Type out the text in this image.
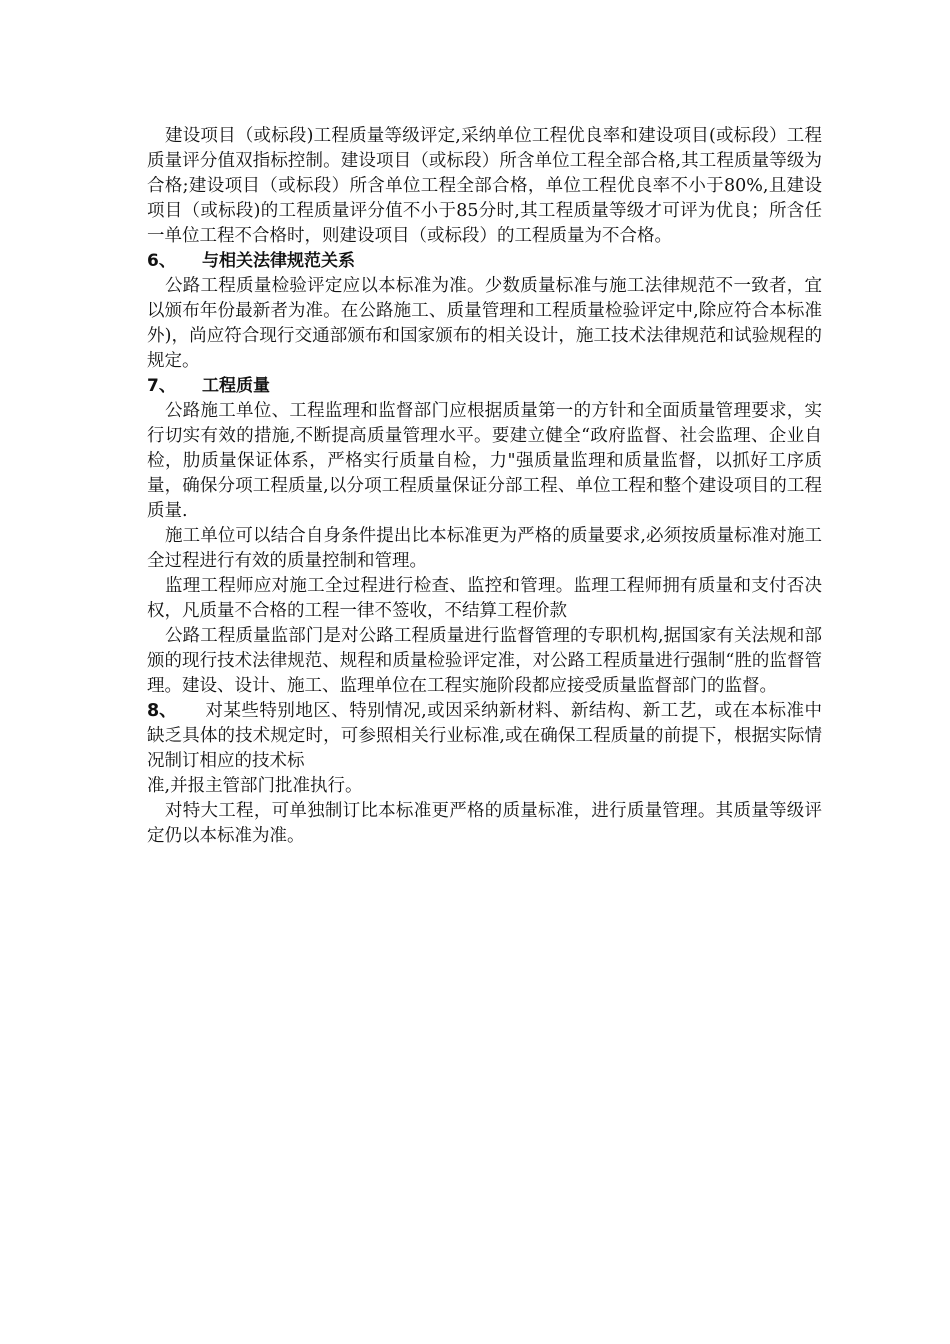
建设项目（或标段)工程质量等级评定,采纳单位工程优良率和建设项目(或标段）工程质量评分值双指标控制。建设项目（或标段）所含单位工程全部合格,其工程质量等级为合格;建设项目（或标段）所含单位工程全部合格，单位工程优良率不小于80%,且建设项目（或标段)的工程质量评分值不小于85分时,其工程质量等级才可评为优良；所含任一单位工程不合格时，则建设项目（或标段）的工程质量为不合格。

6、	与相关法律规范关系

公路工程质量检验评定应以本标准为准。少数质量标准与施工法律规范不一致者，宜以颁布年份最新者为准。在公路施工、质量管理和工程质量检验评定中,除应符合本标准外)，尚应符合现行交通部颁布和国家颁布的相关设计，施工技术法律规范和试验规程的规定。

7、	工程质量

公路施工单位、工程监理和监督部门应根据质量第一的方针和全面质量管理要求，实行切实有效的措施,不断提高质量管理水平。要建立健全“政府监督、社会监理、企业自检，肋质量保证体系，严格实行质量自检，力"强质量监理和质量监督，以抓好工序质量，确保分项工程质量,以分项工程质量保证分部工程、单位工程和整个建设项目的工程质量.

施工单位可以结合自身条件提出比本标准更为严格的质量要求,必须按质量标准对施工全过程进行有效的质量控制和管理。

监理工程师应对施工全过程进行检查、监控和管理。监理工程师拥有质量和支付否决权，凡质量不合格的工程一律不签收，不结算工程价款

公路工程质量监部门是对公路工程质量进行监督管理的专职机构,据国家有关法规和部颁的现行技术法律规范、规程和质量检验评定准，对公路工程质量进行强制“胜的监督管理。建设、设计、施工、监理单位在工程实施阶段都应接受质量监督部门的监督。

8、 对某些特别地区、特别情况,或因采纳新材料、新结构、新工艺，或在本标准中缺乏具体的技术规定时，可参照相关行业标准,或在确保工程质量的前提下，根据实际情况制订相应的技术标

准,并报主管部门批准执行。

对特大工程，可单独制订比本标准更严格的质量标准，进行质量管理。其质量等级评定仍以本标准为准。
